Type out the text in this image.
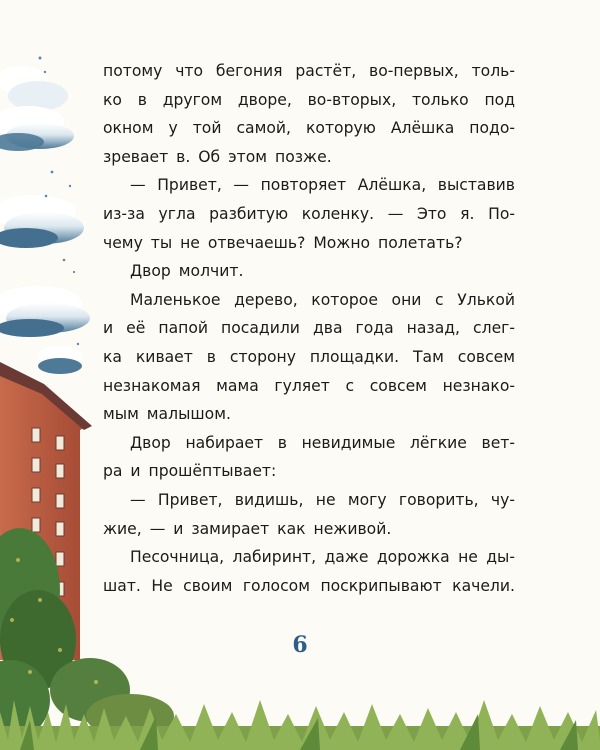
потому что бегония растёт, во-первых, толь-
ко в другом дворе, во-вторых, только под
окном у той самой, которую Алёшка подо-
зревает в. Об этом позже.
— Привет, — повторяет Алёшка, выставив
из-за угла разбитую коленку. — Это я. По-
чему ты не отвечаешь? Можно полетать?
Двор молчит.
Маленькое дерево, которое они с Улькой
и её папой посадили два года назад, слег-
ка кивает в сторону площадки. Там совсем
незнакомая мама гуляет с совсем незнако-
мым малышом.
Двор набирает в невидимые лёгкие вет-
ра и прошёптывает:
— Привет, видишь, не могу говорить, чу-
жие, — и замирает как неживой.
Песочница, лабиринт, даже дорожка не ды-
шат. Не своим голосом поскрипывают качели.
6
